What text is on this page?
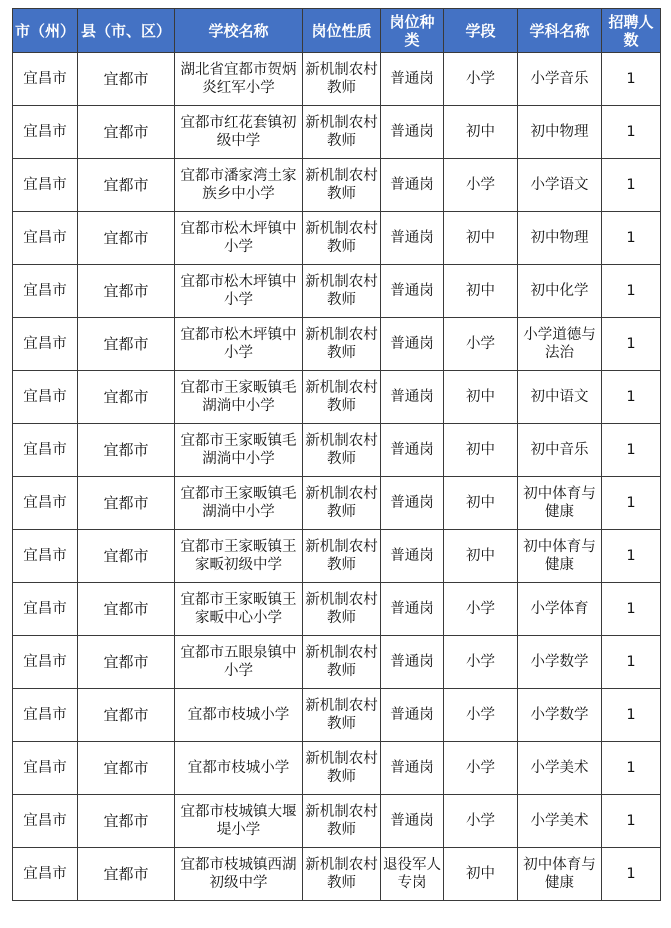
市（州）	县（市、区）	学校名称	岗位性质	岗位种类	学段	学科名称	招聘人数
宜昌市	宜都市	湖北省宜都市贺炳炎红军小学	新机制农村教师	普通岗	小学	小学音乐	1
宜昌市	宜都市	宜都市红花套镇初级中学	新机制农村教师	普通岗	初中	初中物理	1
宜昌市	宜都市	宜都市潘家湾土家族乡中小学	新机制农村教师	普通岗	小学	小学语文	1
宜昌市	宜都市	宜都市松木坪镇中小学	新机制农村教师	普通岗	初中	初中物理	1
宜昌市	宜都市	宜都市松木坪镇中小学	新机制农村教师	普通岗	初中	初中化学	1
宜昌市	宜都市	宜都市松木坪镇中小学	新机制农村教师	普通岗	小学	小学道德与法治	1
宜昌市	宜都市	宜都市王家畈镇毛湖淌中小学	新机制农村教师	普通岗	初中	初中语文	1
宜昌市	宜都市	宜都市王家畈镇毛湖淌中小学	新机制农村教师	普通岗	初中	初中音乐	1
宜昌市	宜都市	宜都市王家畈镇毛湖淌中小学	新机制农村教师	普通岗	初中	初中体育与健康	1
宜昌市	宜都市	宜都市王家畈镇王家畈初级中学	新机制农村教师	普通岗	初中	初中体育与健康	1
宜昌市	宜都市	宜都市王家畈镇王家畈中心小学	新机制农村教师	普通岗	小学	小学体育	1
宜昌市	宜都市	宜都市五眼泉镇中小学	新机制农村教师	普通岗	小学	小学数学	1
宜昌市	宜都市	宜都市枝城小学	新机制农村教师	普通岗	小学	小学数学	1
宜昌市	宜都市	宜都市枝城小学	新机制农村教师	普通岗	小学	小学美术	1
宜昌市	宜都市	宜都市枝城镇大堰堤小学	新机制农村教师	普通岗	小学	小学美术	1
宜昌市	宜都市	宜都市枝城镇西湖初级中学	新机制农村教师	退役军人专岗	初中	初中体育与健康	1
